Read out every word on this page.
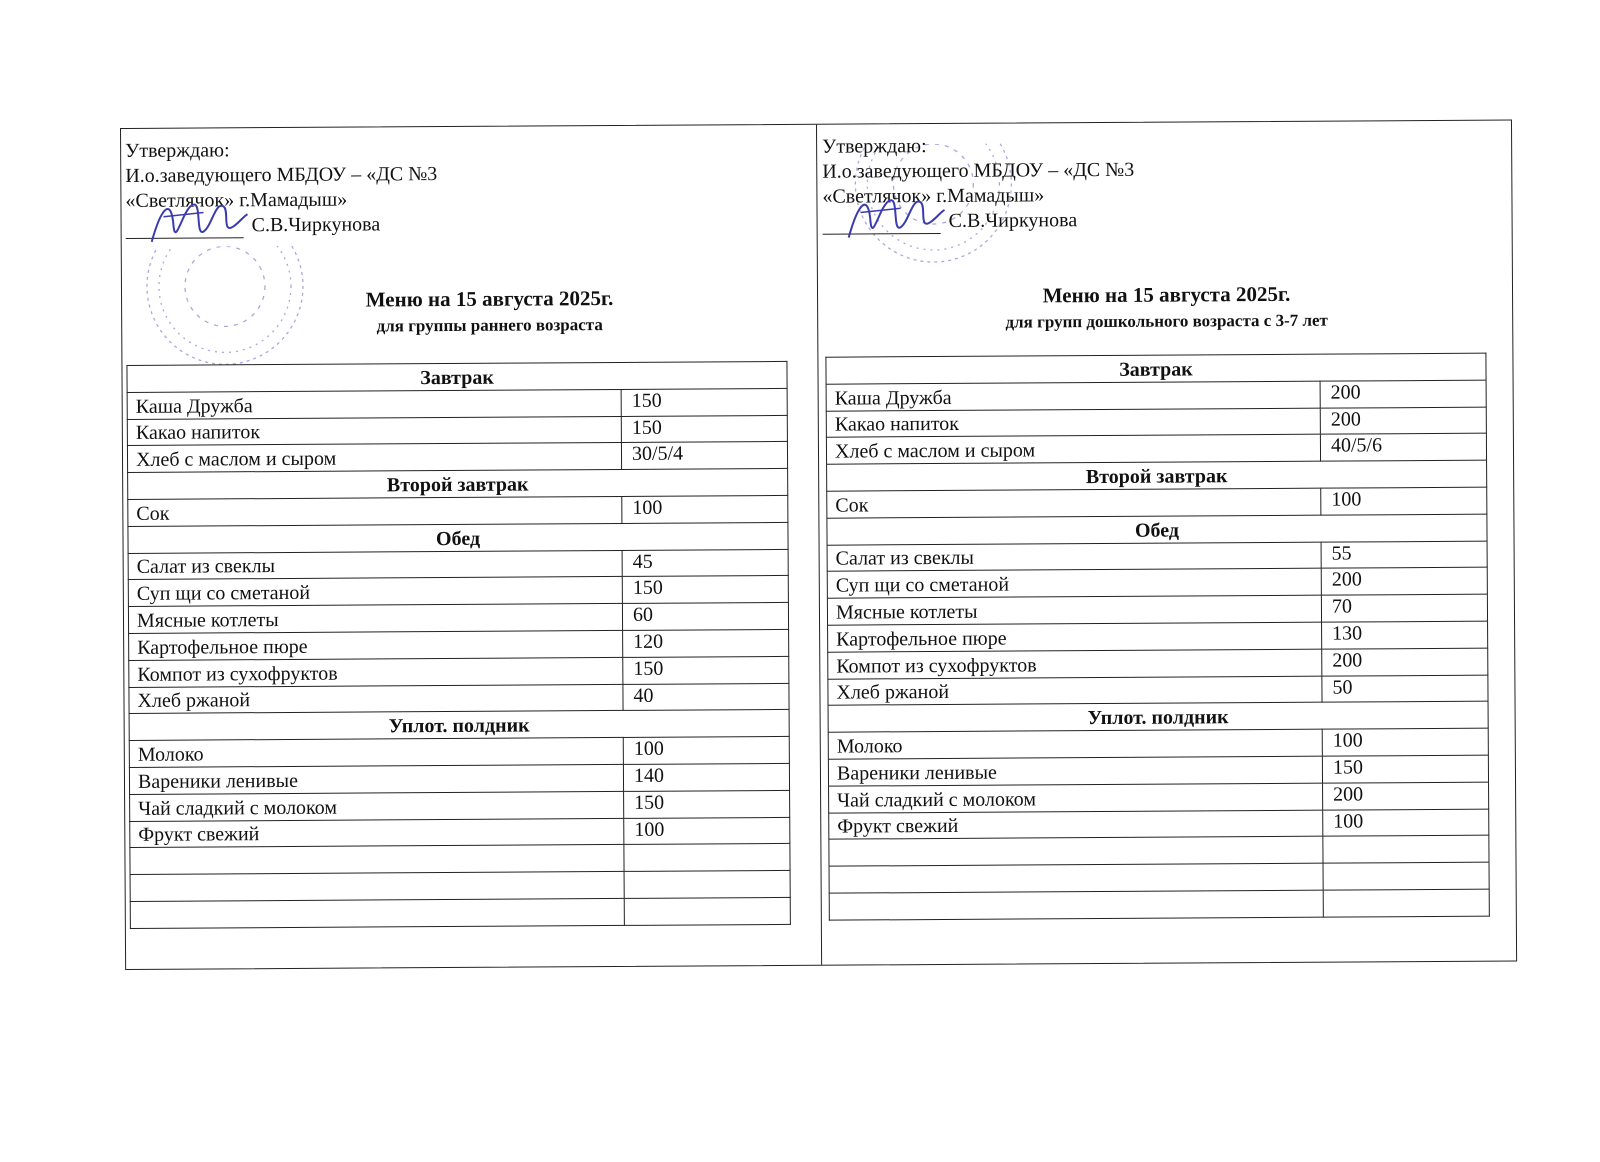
Утверждаю:
И.о.заведующего МБДОУ – «ДС №3
«Светлячок» г.Мамадыш»
С.В.Чиркунова
Меню на 15 августа 2025г.
для группы раннего возраста
Завтрак	
Каша Дружба	150
Какао напиток	150
Хлеб с маслом и сыром	30/5/4
Второй завтрак	
Сок	100
Обед	
Салат из свеклы	45
Суп щи со сметаной	150
Мясные котлеты	60
Картофельное пюре	120
Компот из сухофруктов	150
Хлеб ржаной	40
Уплот. полдник	
Молоко	100
Вареники ленивые	140
Чай сладкий с молоком	150
Фрукт свежий	100

Утверждаю:
И.о.заведующего МБДОУ – «ДС №3
«Светлячок» г.Мамадыш»
С.В.Чиркунова
Меню на 15 августа 2025г.
для групп дошкольного возраста с 3-7 лет
Завтрак	
Каша Дружба	200
Какао напиток	200
Хлеб с маслом и сыром	40/5/6
Второй завтрак	
Сок	100
Обед	
Салат из свеклы	55
Суп щи со сметаной	200
Мясные котлеты	70
Картофельное пюре	130
Компот из сухофруктов	200
Хлеб ржаной	50
Уплот. полдник	
Молоко	100
Вареники ленивые	150
Чай сладкий с молоком	200
Фрукт свежий	100
